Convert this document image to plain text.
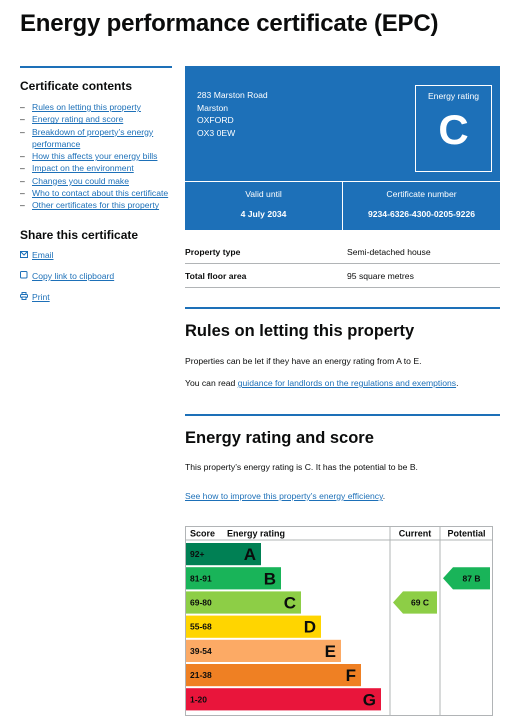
Energy performance certificate (EPC)
Certificate contents
– Rules on letting this property
– Energy rating and score
– Breakdown of property’s energy performance
– How this affects your energy bills
– Impact on the environment
– Changes you could make
– Who to contact about this certificate
– Other certificates for this property
Share this certificate
Email
Copy link to clipboard
Print
283 Marston Road
Marston
OXFORD
OX3 0EW
Energy rating
C
Valid until
4 July 2034
Certificate number
9234-6326-4300-0205-9226
Property type	Semi-detached house
Total floor area	95 square metres
Rules on letting this property

Properties can be let if they have an energy rating from A to E.

You can read guidance for landlords on the regulations and exemptions.

Energy rating and score

This property’s energy rating is C. It has the potential to be B.

See how to improve this property’s energy efficiency.

Score Energy rating	Current Potential
92+ A
81-91	B
69-80	C
55-68	D
39-54	E
21-38	F
1-20	G
69 C
87 B
